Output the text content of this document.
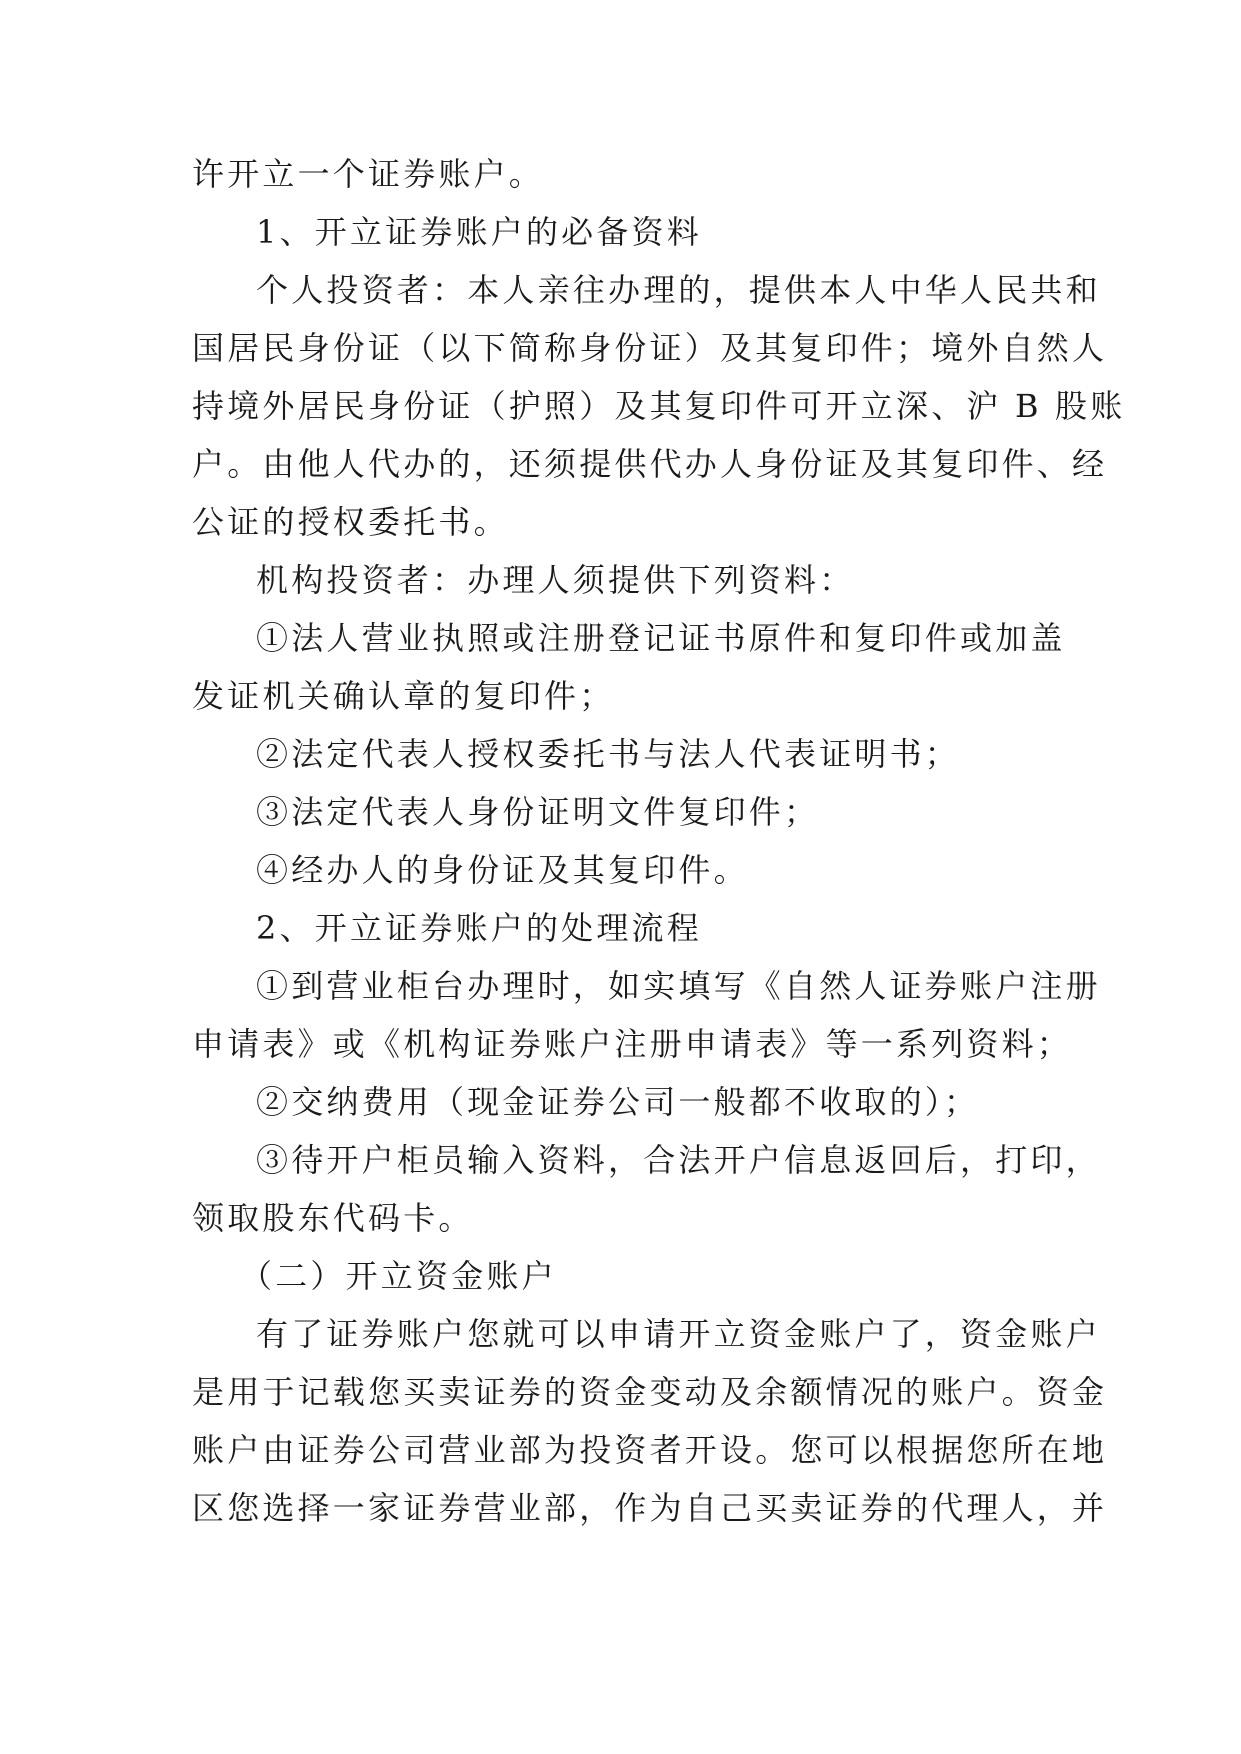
许开立一个证券账户。
1、开立证券账户的必备资料
个人投资者：本人亲往办理的，提供本人中华人民共和
国居民身份证（以下简称身份证）及其复印件；境外自然人
持境外居民身份证（护照）及其复印件可开立深、沪 B 股账
户。由他人代办的，还须提供代办人身份证及其复印件、经
公证的授权委托书。
机构投资者：办理人须提供下列资料：
①法人营业执照或注册登记证书原件和复印件或加盖
发证机关确认章的复印件；
②法定代表人授权委托书与法人代表证明书；
③法定代表人身份证明文件复印件；
④经办人的身份证及其复印件。
2、开立证券账户的处理流程
①到营业柜台办理时，如实填写《自然人证券账户注册
申请表》或《机构证券账户注册申请表》等一系列资料；
②交纳费用（现金证券公司一般都不收取的）；
③待开户柜员输入资料，合法开户信息返回后，打印，
领取股东代码卡。
（二）开立资金账户
有了证券账户您就可以申请开立资金账户了，资金账户
是用于记载您买卖证券的资金变动及余额情况的账户。资金
账户由证券公司营业部为投资者开设。您可以根据您所在地
区您选择一家证券营业部，作为自己买卖证券的代理人，并
